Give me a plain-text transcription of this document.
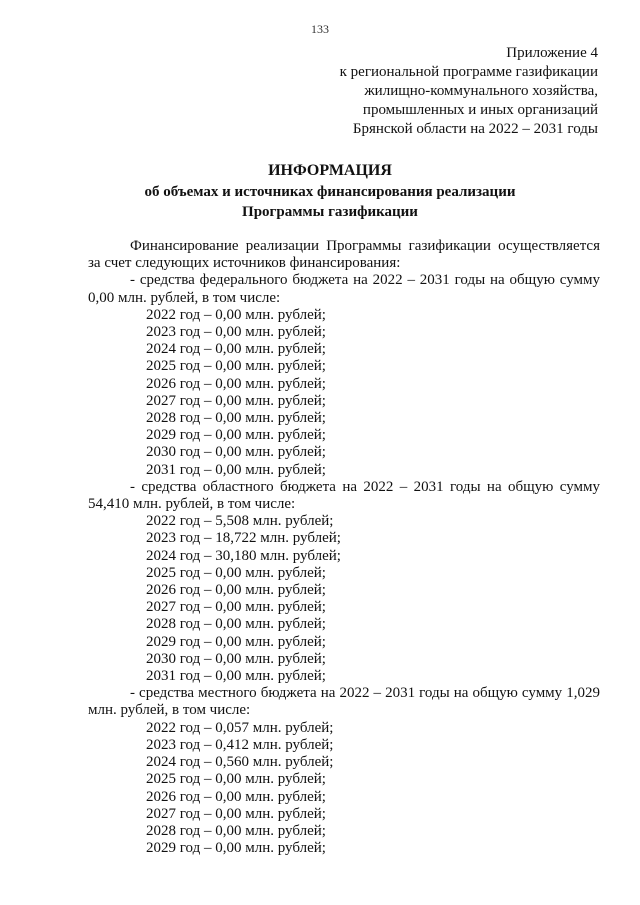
133
Приложение 4
к региональной программе газификации
жилищно-коммунального хозяйства,
промышленных и иных организаций
Брянской области на 2022 – 2031 годы
ИНФОРМАЦИЯ
об объемах и источниках финансирования реализации
Программы газификации
Финансирование реализации Программы газификации осуществляется за счет следующих источников финансирования:
- средства федерального бюджета на 2022 – 2031 годы на общую сумму 0,00 млн. рублей, в том числе:
2022 год – 0,00 млн. рублей;
2023 год – 0,00 млн. рублей;
2024 год – 0,00 млн. рублей;
2025 год – 0,00 млн. рублей;
2026 год – 0,00 млн. рублей;
2027 год – 0,00 млн. рублей;
2028 год – 0,00 млн. рублей;
2029 год – 0,00 млн. рублей;
2030 год – 0,00 млн. рублей;
2031 год – 0,00 млн. рублей;
- средства областного бюджета на 2022 – 2031 годы на общую сумму 54,410 млн. рублей, в том числе:
2022 год – 5,508 млн. рублей;
2023 год – 18,722 млн. рублей;
2024 год – 30,180 млн. рублей;
2025 год – 0,00 млн. рублей;
2026 год – 0,00 млн. рублей;
2027 год – 0,00 млн. рублей;
2028 год – 0,00 млн. рублей;
2029 год – 0,00 млн. рублей;
2030 год – 0,00 млн. рублей;
2031 год – 0,00 млн. рублей;
- средства местного бюджета на 2022 – 2031 годы на общую сумму 1,029 млн. рублей, в том числе:
2022 год – 0,057 млн. рублей;
2023 год – 0,412 млн. рублей;
2024 год – 0,560 млн. рублей;
2025 год – 0,00 млн. рублей;
2026 год – 0,00 млн. рублей;
2027 год – 0,00 млн. рублей;
2028 год – 0,00 млн. рублей;
2029 год – 0,00 млн. рублей;
